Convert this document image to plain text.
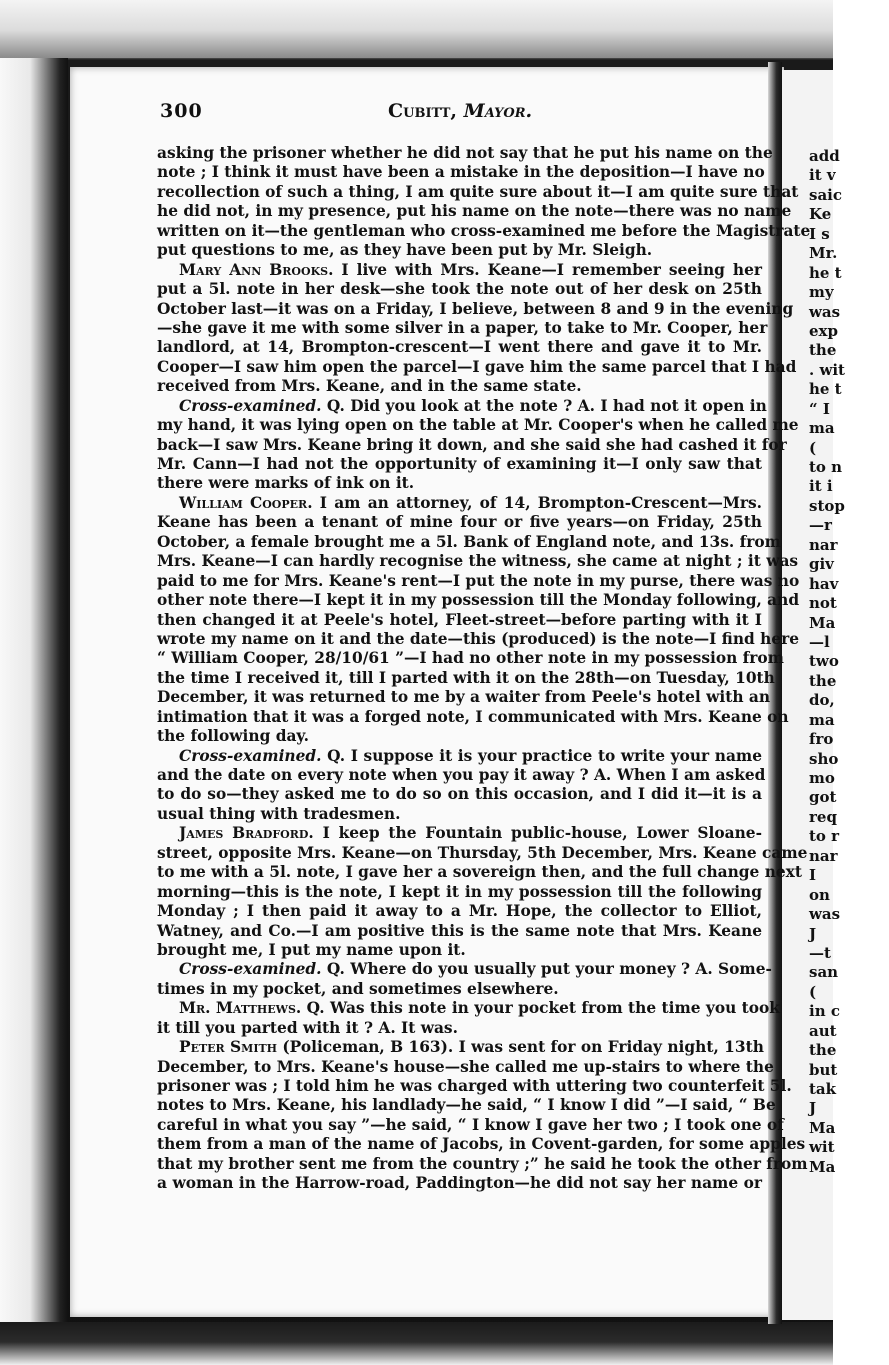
add
it v
saic
Ke
I s
Mr.
he t
my
was
exp
the
. wit
he t
“ I
ma
(
to n
it i
stop
—r
nar
giv
hav
not
Ma
—l
two
the
do,
ma
fro
sho
mo
got
req
to r
nar
I
on
was
J
—t
san
(
in c
aut
the
but
tak
J
Ma
wit
Ma
300	Cubitt, Mayor.
asking the prisoner whether he did not say that he put his name on the
note ; I think it must have been a mistake in the deposition—I have no
recollection of such a thing, I am quite sure about it—I am quite sure that
he did not, in my presence, put his name on the note—there was no name
written on it—the gentleman who cross-examined me before the Magistrate
put questions to me, as they have been put by Mr. Sleigh.
Mary Ann Brooks. I live with Mrs. Keane—I remember seeing her
put a 5l. note in her desk—she took the note out of her desk on 25th
October last—it was on a Friday, I believe, between 8 and 9 in the evening
—she gave it me with some silver in a paper, to take to Mr. Cooper, her
landlord, at 14, Brompton-crescent—I went there and gave it to Mr.
Cooper—I saw him open the parcel—I gave him the same parcel that I had
received from Mrs. Keane, and in the same state.
Cross-examined. Q. Did you look at the note ? A. I had not it open in
my hand, it was lying open on the table at Mr. Cooper's when he called me
back—I saw Mrs. Keane bring it down, and she said she had cashed it for
Mr. Cann—I had not the opportunity of examining it—I only saw that
there were marks of ink on it.
William Cooper. I am an attorney, of 14, Brompton-Crescent—Mrs.
Keane has been a tenant of mine four or five years—on Friday, 25th
October, a female brought me a 5l. Bank of England note, and 13s. from
Mrs. Keane—I can hardly recognise the witness, she came at night ; it was
paid to me for Mrs. Keane's rent—I put the note in my purse, there was no
other note there—I kept it in my possession till the Monday following, and
then changed it at Peele's hotel, Fleet-street—before parting with it I
wrote my name on it and the date—this (produced) is the note—I find here
“ William Cooper, 28/10/61 ”—I had no other note in my possession from
the time I received it, till I parted with it on the 28th—on Tuesday, 10th
December, it was returned to me by a waiter from Peele's hotel with an
intimation that it was a forged note, I communicated with Mrs. Keane on
the following day.
Cross-examined. Q. I suppose it is your practice to write your name
and the date on every note when you pay it away ? A. When I am asked
to do so—they asked me to do so on this occasion, and I did it—it is a
usual thing with tradesmen.
James Bradford. I keep the Fountain public-house, Lower Sloane-
street, opposite Mrs. Keane—on Thursday, 5th December, Mrs. Keane came
to me with a 5l. note, I gave her a sovereign then, and the full change next
morning—this is the note, I kept it in my possession till the following
Monday ; I then paid it away to a Mr. Hope, the collector to Elliot,
Watney, and Co.—I am positive this is the same note that Mrs. Keane
brought me, I put my name upon it.
Cross-examined. Q. Where do you usually put your money ? A. Some-
times in my pocket, and sometimes elsewhere.
Mr. Matthews. Q. Was this note in your pocket from the time you took
it till you parted with it ? A. It was.
Peter Smith (Policeman, B 163). I was sent for on Friday night, 13th
December, to Mrs. Keane's house—she called me up-stairs to where the
prisoner was ; I told him he was charged with uttering two counterfeit 5l.
notes to Mrs. Keane, his landlady—he said, “ I know I did ”—I said, “ Be
careful in what you say ”—he said, “ I know I gave her two ; I took one of
them from a man of the name of Jacobs, in Covent-garden, for some apples
that my brother sent me from the country ;” he said he took the other from
a woman in the Harrow-road, Paddington—he did not say her name or
